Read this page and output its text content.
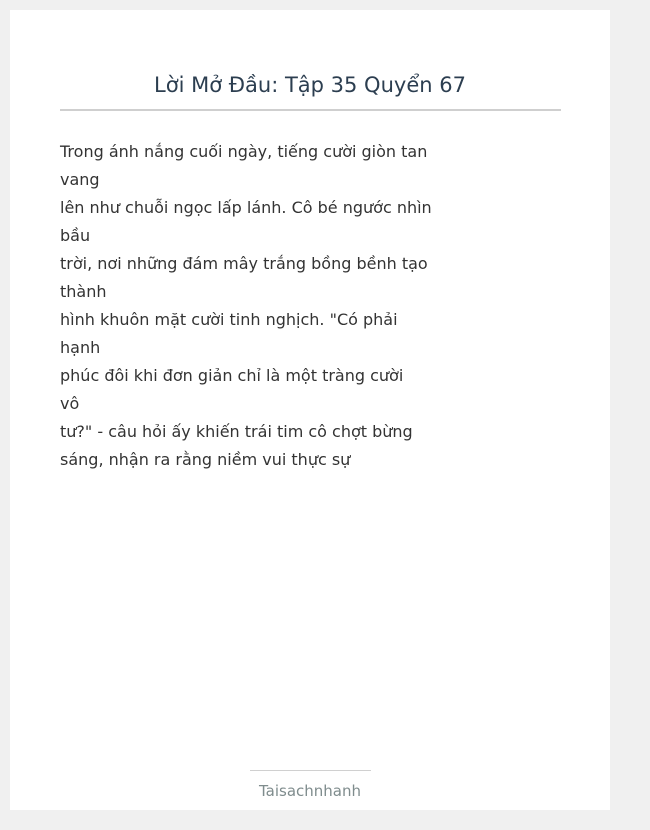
Lời Mở Đầu: Tập 35 Quyển 67
Trong ánh nắng cuối ngày, tiếng cười giòn tan
vang
lên như chuỗi ngọc lấp lánh. Cô bé ngước nhìn
bầu
trời, nơi những đám mây trắng bồng bềnh tạo
thành
hình khuôn mặt cười tinh nghịch. "Có phải
hạnh
phúc đôi khi đơn giản chỉ là một tràng cười
vô
tư?" - câu hỏi ấy khiến trái tim cô chợt bừng
sáng, nhận ra rằng niềm vui thực sự
Taisachnhanh
